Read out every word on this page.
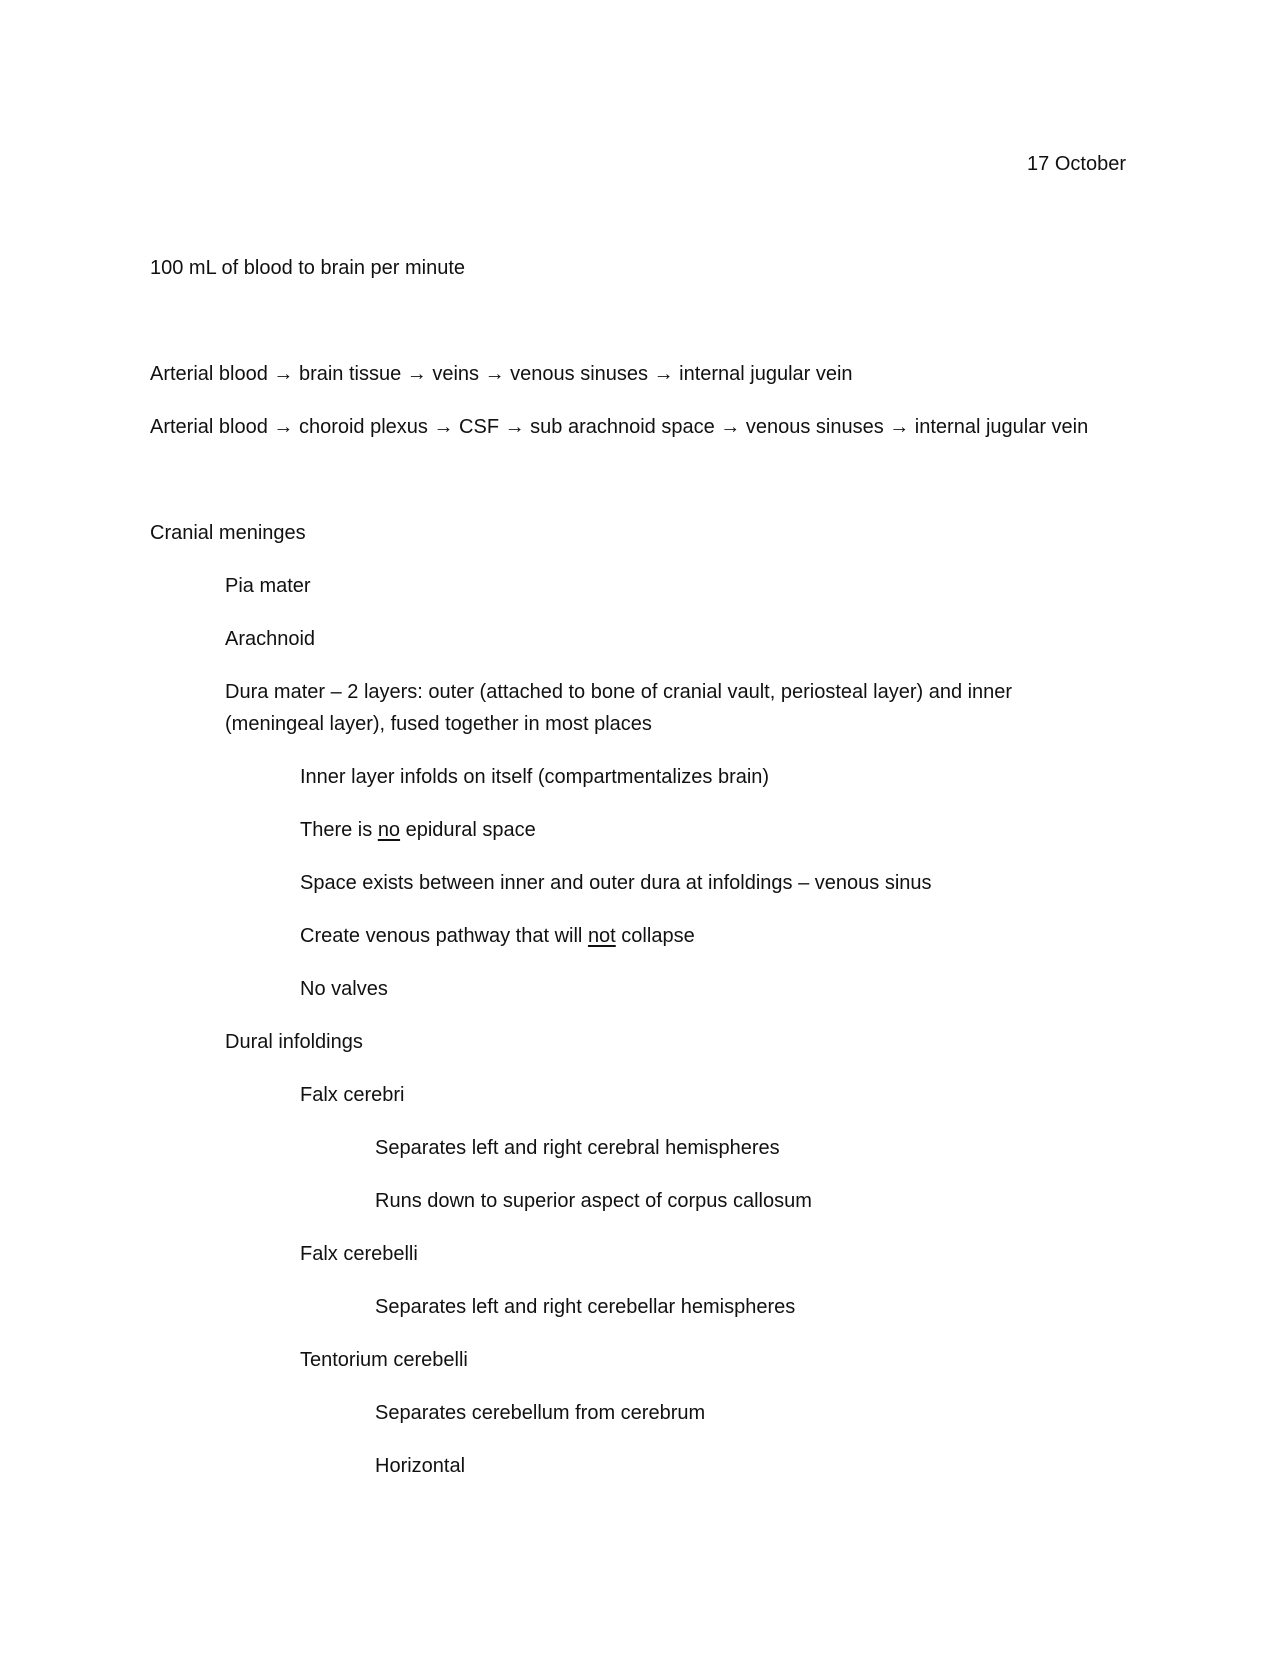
17 October
100 mL of blood to brain per minute
Arterial blood → brain tissue → veins → venous sinuses → internal jugular vein
Arterial blood → choroid plexus → CSF → sub arachnoid space → venous sinuses → internal jugular vein
Cranial meninges
Pia mater
Arachnoid
Dura mater – 2 layers: outer (attached to bone of cranial vault, periosteal layer) and inner (meningeal layer), fused together in most places
Inner layer infolds on itself (compartmentalizes brain)
There is no epidural space
Space exists between inner and outer dura at infoldings – venous sinus
Create venous pathway that will not collapse
No valves
Dural infoldings
Falx cerebri
Separates left and right cerebral hemispheres
Runs down to superior aspect of corpus callosum
Falx cerebelli
Separates left and right cerebellar hemispheres
Tentorium cerebelli
Separates cerebellum from cerebrum
Horizontal
